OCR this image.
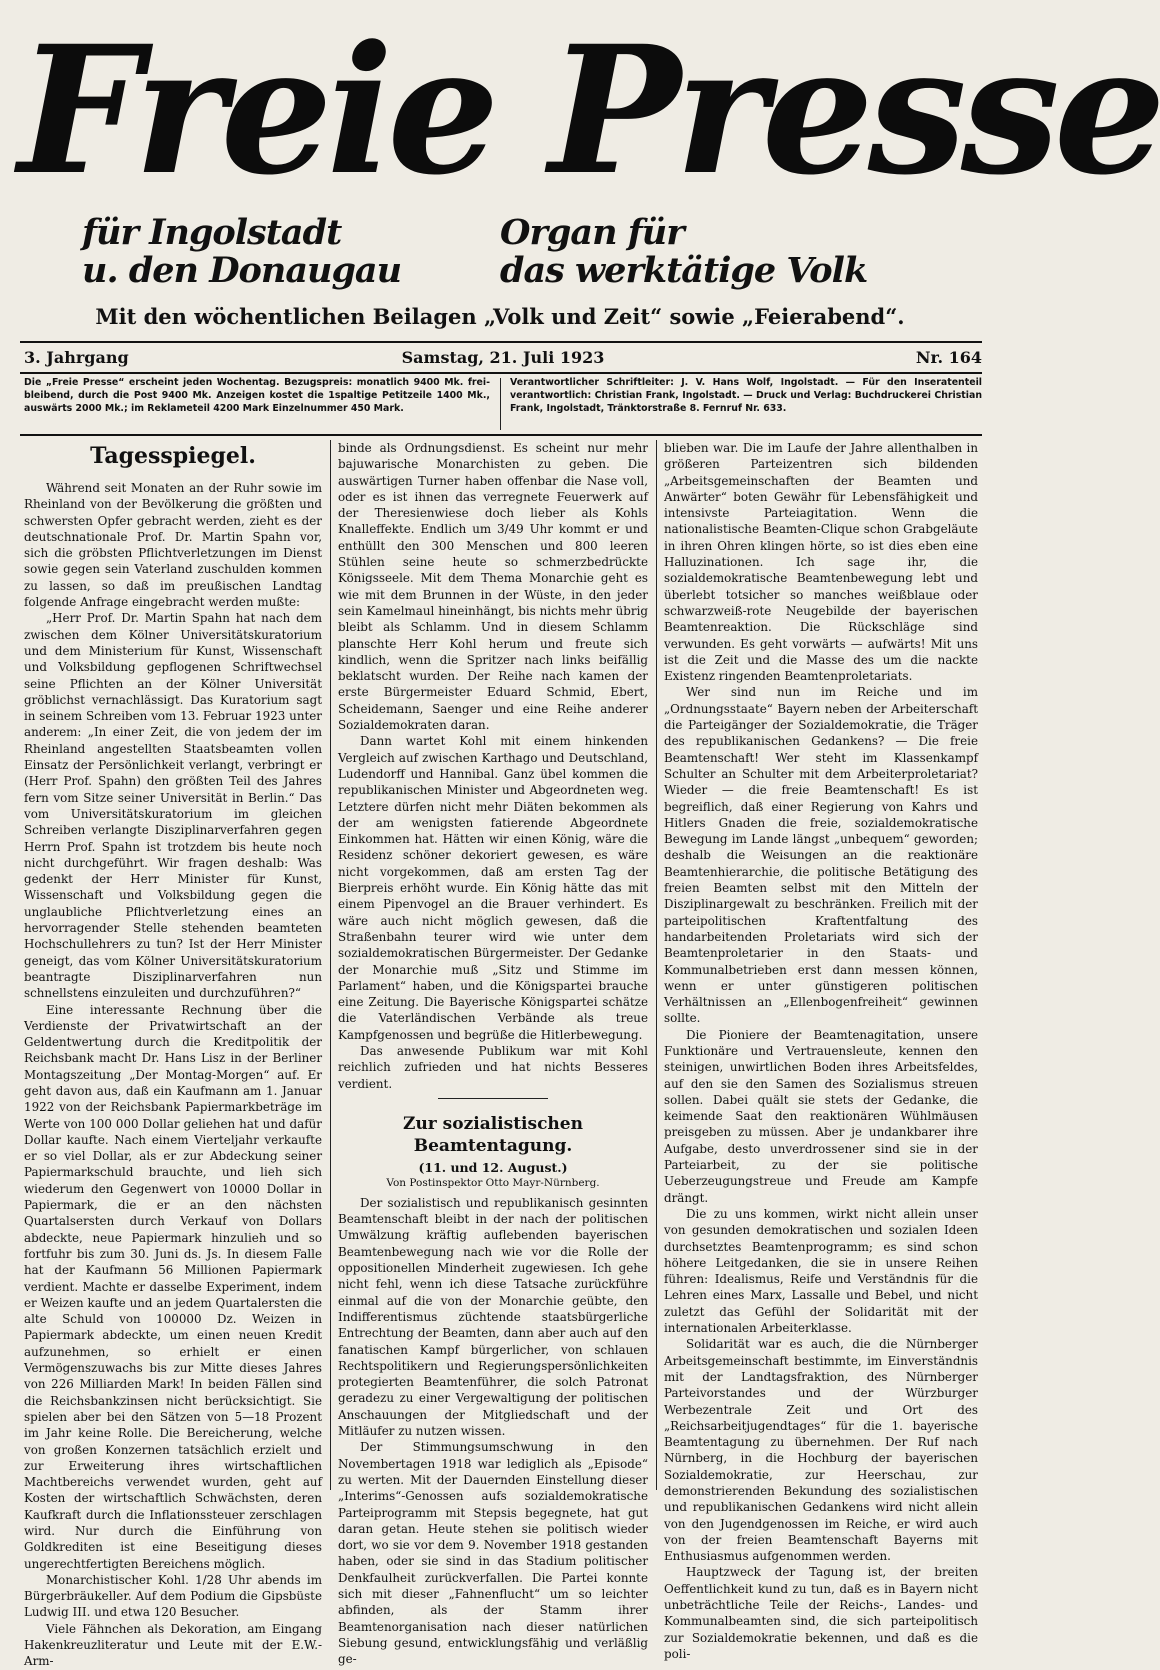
Freie Presse
für Ingolstadt
u. den Donaugau
Organ für
das werktätige Volk
Mit den wöchentlichen Beilagen „Volk und Zeit“ sowie „Feierabend“.
3. Jahrgang	Samstag, 21. Juli 1923	Nr. 164
Die „Freie Presse“ erscheint jeden Wochentag. Bezugspreis: monatlich 9400 Mk. frei-bleibend, durch die Post 9400 Mk. Anzeigen kostet die 1spaltige Petitzeile 1400 Mk., auswärts 2000 Mk.; im Reklameteil 4200 Mark Einzelnummer 450 Mark.
Verantwortlicher Schriftleiter: J. V. Hans Wolf, Ingolstadt. — Für den Inseratenteil verantwortlich: Christian Frank, Ingolstadt. — Druck und Verlag: Buchdruckerei Christian Frank, Ingolstadt, Tränktorstraße 8. Fernruf Nr. 633.
Tagesspiegel.

Während seit Monaten an der Ruhr sowie im Rheinland von der Bevölkerung die größten und schwersten Opfer gebracht werden, zieht es der deutschnationale Prof. Dr. Martin Spahn vor, sich die gröbsten Pflichtverletzungen im Dienst sowie gegen sein Vaterland zuschulden kommen zu lassen, so daß im preußischen Landtag folgende Anfrage eingebracht werden mußte:

„Herr Prof. Dr. Martin Spahn hat nach dem zwischen dem Kölner Universitätskuratorium und dem Ministerium für Kunst, Wissenschaft und Volksbildung gepflogenen Schriftwechsel seine Pflichten an der Kölner Universität gröblichst vernachlässigt. Das Kuratorium sagt in seinem Schreiben vom 13. Februar 1923 unter anderem: „In einer Zeit, die von jedem der im Rheinland angestellten Staatsbeamten vollen Einsatz der Persönlichkeit verlangt, verbringt er (Herr Prof. Spahn) den größten Teil des Jahres fern vom Sitze seiner Universität in Berlin.“ Das vom Universitätskuratorium im gleichen Schreiben verlangte Disziplinarverfahren gegen Herrn Prof. Spahn ist trotzdem bis heute noch nicht durchgeführt. Wir fragen deshalb: Was gedenkt der Herr Minister für Kunst, Wissenschaft und Volksbildung gegen die unglaubliche Pflichtverletzung eines an hervorragender Stelle stehenden beamteten Hochschullehrers zu tun? Ist der Herr Minister geneigt, das vom Kölner Universitätskuratorium beantragte Disziplinarverfahren nun schnellstens einzuleiten und durchzuführen?“

Eine interessante Rechnung über die Verdienste der Privatwirtschaft an der Geldentwertung durch die Kreditpolitik der Reichsbank macht Dr. Hans Lisz in der Berliner Montagszeitung „Der Montag-Morgen“ auf. Er geht davon aus, daß ein Kaufmann am 1. Januar 1922 von der Reichsbank Papiermarkbeträge im Werte von 100 000 Dollar geliehen hat und dafür Dollar kaufte. Nach einem Vierteljahr verkaufte er so viel Dollar, als er zur Abdeckung seiner Papiermarkschuld brauchte, und lieh sich wiederum den Gegenwert von 10000 Dollar in Papiermark, die er an den nächsten Quartalsersten durch Verkauf von Dollars abdeckte, neue Papiermark hinzulieh und so fortfuhr bis zum 30. Juni ds. Js. In diesem Falle hat der Kaufmann 56 Millionen Papiermark verdient. Machte er dasselbe Experiment, indem er Weizen kaufte und an jedem Quartalersten die alte Schuld von 100000 Dz. Weizen in Papiermark abdeckte, um einen neuen Kredit aufzunehmen, so erhielt er einen Vermögenszuwachs bis zur Mitte dieses Jahres von 226 Milliarden Mark! In beiden Fällen sind die Reichsbankzinsen nicht berücksichtigt. Sie spielen aber bei den Sätzen von 5—18 Prozent im Jahr keine Rolle. Die Bereicherung, welche von großen Konzernen tatsächlich erzielt und zur Erweiterung ihres wirtschaftlichen Machtbereichs verwendet wurden, geht auf Kosten der wirtschaftlich Schwächsten, deren Kaufkraft durch die Inflationssteuer zerschlagen wird. Nur durch die Einführung von Goldkrediten ist eine Beseitigung dieses ungerechtfertigten Bereichens möglich.

Monarchistischer Kohl. 1/28 Uhr abends im Bürgerbräukeller. Auf dem Podium die Gipsbüste Ludwig III. und etwa 120 Besucher.

Viele Fähnchen als Dekoration, am Eingang Hakenkreuzliteratur und Leute mit der E.W.-Arm-

binde als Ordnungsdienst. Es scheint nur mehr bajuwarische Monarchisten zu geben. Die auswärtigen Turner haben offenbar die Nase voll, oder es ist ihnen das verregnete Feuerwerk auf der Theresienwiese doch lieber als Kohls Knalleffekte. Endlich um 3/49 Uhr kommt er und enthüllt den 300 Menschen und 800 leeren Stühlen seine heute so schmerzbedrückte Königsseele. Mit dem Thema Monarchie geht es wie mit dem Brunnen in der Wüste, in den jeder sein Kamelmaul hineinhängt, bis nichts mehr übrig bleibt als Schlamm. Und in diesem Schlamm planschte Herr Kohl herum und freute sich kindlich, wenn die Spritzer nach links beifällig beklatscht wurden. Der Reihe nach kamen der erste Bürgermeister Eduard Schmid, Ebert, Scheidemann, Saenger und eine Reihe anderer Sozialdemokraten daran.

Dann wartet Kohl mit einem hinkenden Vergleich auf zwischen Karthago und Deutschland, Ludendorff und Hannibal. Ganz übel kommen die republikanischen Minister und Abgeordneten weg. Letztere dürfen nicht mehr Diäten bekommen als der am wenigsten fatierende Abgeordnete Einkommen hat. Hätten wir einen König, wäre die Residenz schöner dekoriert gewesen, es wäre nicht vorgekommen, daß am ersten Tag der Bierpreis erhöht wurde. Ein König hätte das mit einem Pipenvogel an die Brauer verhindert. Es wäre auch nicht möglich gewesen, daß die Straßenbahn teurer wird wie unter dem sozialdemokratischen Bürgermeister. Der Gedanke der Monarchie muß „Sitz und Stimme im Parlament“ haben, und die Königspartei brauche eine Zeitung. Die Bayerische Königspartei schätze die Vaterländischen Verbände als treue Kampfgenossen und begrüße die Hitlerbewegung.

Das anwesende Publikum war mit Kohl reichlich zufrieden und hat nichts Besseres verdient.

Zur sozialistischen Beamtentagung.
(11. und 12. August.)
Von Postinspektor Otto Mayr-Nürnberg.

Der sozialistisch und republikanisch gesinnten Beamtenschaft bleibt in der nach der politischen Umwälzung kräftig auflebenden bayerischen Beamtenbewegung nach wie vor die Rolle der oppositionellen Minderheit zugewiesen. Ich gehe nicht fehl, wenn ich diese Tatsache zurückführe einmal auf die von der Monarchie geübte, den Indifferentismus züchtende staatsbürgerliche Entrechtung der Beamten, dann aber auch auf den fanatischen Kampf bürgerlicher, von schlauen Rechtspolitikern und Regierungspersönlichkeiten protegierten Beamtenführer, die solch Patronat geradezu zu einer Vergewaltigung der politischen Anschauungen der Mitgliedschaft und der Mitläufer zu nutzen wissen.

Der Stimmungsumschwung in den Novembertagen 1918 war lediglich als „Episode“ zu werten. Mit der Dauernden Einstellung dieser „Interims“-Genossen aufs sozialdemokratische Parteiprogramm mit Stepsis begegnete, hat gut daran getan. Heute stehen sie politisch wieder dort, wo sie vor dem 9. November 1918 gestanden haben, oder sie sind in das Stadium politischer Denkfaulheit zurückverfallen. Die Partei konnte sich mit dieser „Fahnenflucht“ um so leichter abfinden, als der Stamm ihrer Beamtenorganisation nach dieser natürlichen Siebung gesund, entwicklungsfähig und verläßlig ge-

blieben war. Die im Laufe der Jahre allenthalben in größeren Parteizentren sich bildenden „Arbeitsgemeinschaften der Beamten und Anwärter“ boten Gewähr für Lebensfähigkeit und intensivste Parteiagitation. Wenn die nationalistische Beamten-Clique schon Grabgeläute in ihren Ohren klingen hörte, so ist dies eben eine Halluzinationen. Ich sage ihr, die sozialdemokratische Beamtenbewegung lebt und überlebt totsicher so manches weißblaue oder schwarzweiß-rote Neugebilde der bayerischen Beamtenreaktion. Die Rückschläge sind verwunden. Es geht vorwärts — aufwärts! Mit uns ist die Zeit und die Masse des um die nackte Existenz ringenden Beamtenproletariats.

Wer sind nun im Reiche und im „Ordnungsstaate“ Bayern neben der Arbeiterschaft die Parteigänger der Sozialdemokratie, die Träger des republikanischen Gedankens? — Die freie Beamtenschaft! Wer steht im Klassenkampf Schulter an Schulter mit dem Arbeiterproletariat? Wieder — die freie Beamtenschaft! Es ist begreiflich, daß einer Regierung von Kahrs und Hitlers Gnaden die freie, sozialdemokratische Bewegung im Lande längst „unbequem“ geworden; deshalb die Weisungen an die reaktionäre Beamtenhierarchie, die politische Betätigung des freien Beamten selbst mit den Mitteln der Disziplinargewalt zu beschränken. Freilich mit der parteipolitischen Kraftentfaltung des handarbeitenden Proletariats wird sich der Beamtenproletarier in den Staats- und Kommunalbetrieben erst dann messen können, wenn er unter günstigeren politischen Verhältnissen an „Ellenbogenfreiheit“ gewinnen sollte.

Die Pioniere der Beamtenagitation, unsere Funktionäre und Vertrauensleute, kennen den steinigen, unwirtlichen Boden ihres Arbeitsfeldes, auf den sie den Samen des Sozialismus streuen sollen. Dabei quält sie stets der Gedanke, die keimende Saat den reaktionären Wühlmäusen preisgeben zu müssen. Aber je undankbarer ihre Aufgabe, desto unverdrossener sind sie in der Parteiarbeit, zu der sie politische Ueberzeugungstreue und Freude am Kampfe drängt.

Die zu uns kommen, wirkt nicht allein unser von gesunden demokratischen und sozialen Ideen durchsetztes Beamtenprogramm; es sind schon höhere Leitgedanken, die sie in unsere Reihen führen: Idealismus, Reife und Verständnis für die Lehren eines Marx, Lassalle und Bebel, und nicht zuletzt das Gefühl der Solidarität mit der internationalen Arbeiterklasse.

Solidarität war es auch, die die Nürnberger Arbeitsgemeinschaft bestimmte, im Einverständnis mit der Landtagsfraktion, des Nürnberger Parteivorstandes und der Würzburger Werbezentrale Zeit und Ort des „Reichsarbeitjugendtages“ für die 1. bayerische Beamtentagung zu übernehmen. Der Ruf nach Nürnberg, in die Hochburg der bayerischen Sozialdemokratie, zur Heerschau, zur demonstrierenden Bekundung des sozialistischen und republikanischen Gedankens wird nicht allein von den Jugendgenossen im Reiche, er wird auch von der freien Beamtenschaft Bayerns mit Enthusiasmus aufgenommen werden.

Hauptzweck der Tagung ist, der breiten Oeffentlichkeit kund zu tun, daß es in Bayern nicht unbeträchtliche Teile der Reichs-, Landes- und Kommunalbeamten sind, die sich parteipolitisch zur Sozialdemokratie bekennen, und daß es die poli-
